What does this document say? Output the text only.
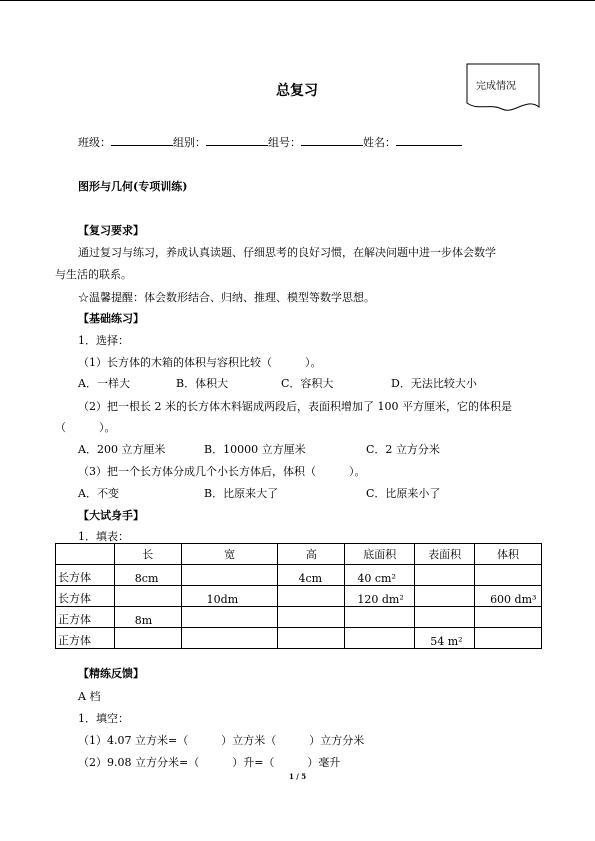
总复习	完成情况
班级：	组别：	组号：	姓名：
图形与几何(专项训练)
【复习要求】
通过复习与练习，养成认真读题、仔细思考的良好习惯，在解决问题中进一步体会数学
与生活的联系。
☆温馨提醒：体会数形结合、归纳、推理、模型等数学思想。
【基础练习】
1．选择：
（1）长方体的木箱的体积与容积比较（　　　）。
A．一样大	B．体积大	C．容积大	D．无法比较大小
（2）把一根长 2 米的长方体木料锯成两段后，表面积增加了 100 平方厘米，它的体积是
（　　　）。
A．200 立方厘米	B．10000 立方厘米	C．2 立方分米
（3）把一个长方体分成几个小长方体后，体积（　　　）。
A．不变	B．比原来大了	C．比原来小了
【大试身手】
1．填表：
	长	宽	高	底面积	表面积	体积
长方体	8cm		4cm	40 cm²		
长方体		10dm		120 dm²		600 dm³
正方体	8m					
正方体					54 m²	
【精练反馈】
A 档
1．填空：
（1）4.07 立方米=（　　　）立方米（　　　）立方分米
（2）9.08 立方分米=（　　　）升=（　　　）毫升
1 / 5
